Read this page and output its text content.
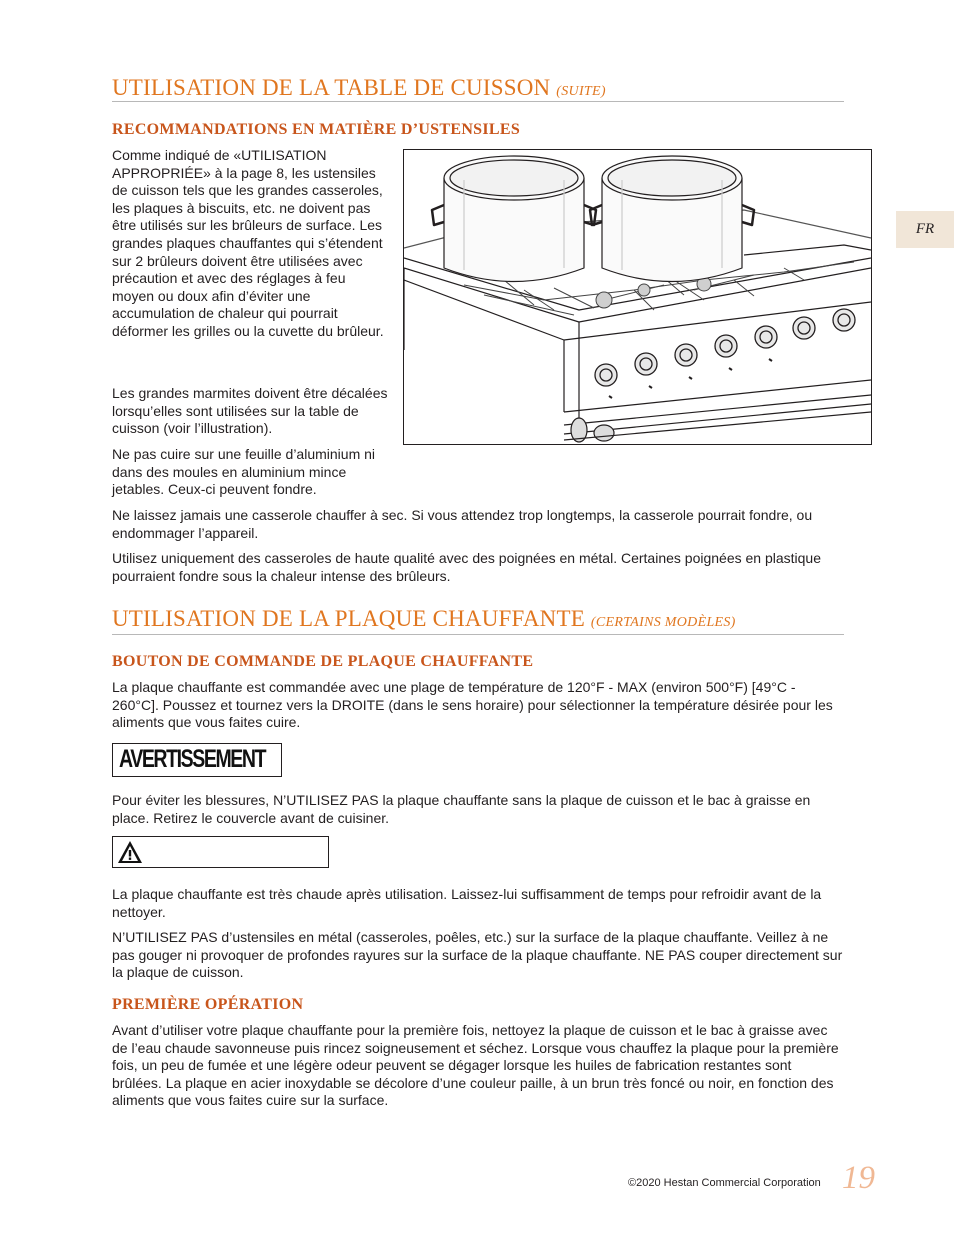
UTILISATION DE LA TABLE DE CUISSON (SUITE)
RECOMMANDATIONS EN MATIÈRE D’USTENSILES

Comme indiqué de «UTILISATION APPROPRIÉE» à la page 8, les ustensiles de cuisson tels que les grandes casseroles, les plaques à biscuits, etc. ne doivent pas être utilisés sur les brûleurs de surface. Les grandes plaques chauffantes qui s’étendent sur 2 brûleurs doivent être utilisées avec précaution et avec des réglages à feu moyen ou doux afin d’éviter une accumulation de chaleur qui pourrait déformer les grilles ou la cuvette du brûleur.

Les grandes marmites doivent être décalées lorsqu’elles sont utilisées sur la table de cuisson (voir l’illustration).

Ne pas cuire sur une feuille d’aluminium ni dans des moules en aluminium mince jetables. Ceux-ci peuvent fondre.

Ne laissez jamais une casserole chauffer à sec. Si vous attendez trop longtemps, la casserole pourrait fondre, ou endommager l’appareil.

Utilisez uniquement des casseroles de haute qualité avec des poignées en métal. Certaines poignées en plastique pourraient fondre sous la chaleur intense des brûleurs.

UTILISATION DE LA PLAQUE CHAUFFANTE (CERTAINS MODÈLES)
BOUTON DE COMMANDE DE PLAQUE CHAUFFANTE

La plaque chauffante est commandée avec une plage de température de 120°F - MAX (environ 500°F) [49°C - 260°C]. Poussez et tournez vers la DROITE (dans le sens horaire) pour sélectionner la température désirée pour les aliments que vous faites cuire.

AVERTISSEMENT

Pour éviter les blessures, N’UTILISEZ PAS la plaque chauffante sans la plaque de cuisson et le bac à graisse en place. Retirez le couvercle avant de cuisiner.

La plaque chauffante est très chaude après utilisation. Laissez-lui suffisamment de temps pour refroidir avant de la nettoyer.

N’UTILISEZ PAS d’ustensiles en métal (casseroles, poêles, etc.) sur la surface de la plaque chauffante. Veillez à ne pas gouger ni provoquer de profondes rayures sur la surface de la plaque chauffante. NE PAS couper directement sur la plaque de cuisson.

PREMIÈRE OPÉRATION

Avant d’utiliser votre plaque chauffante pour la première fois, nettoyez la plaque de cuisson et le bac à graisse avec de l’eau chaude savonneuse puis rincez soigneusement et séchez. Lorsque vous chauffez la plaque pour la première fois, un peu de fumée et une légère odeur peuvent se dégager lorsque les huiles de fabrication restantes sont brûlées. La plaque en acier inoxydable se décolore d’une couleur paille, à un brun très foncé ou noir, en fonction des aliments que vous faites cuire sur la surface.

FR
©2020 Hestan Commercial Corporation 19
